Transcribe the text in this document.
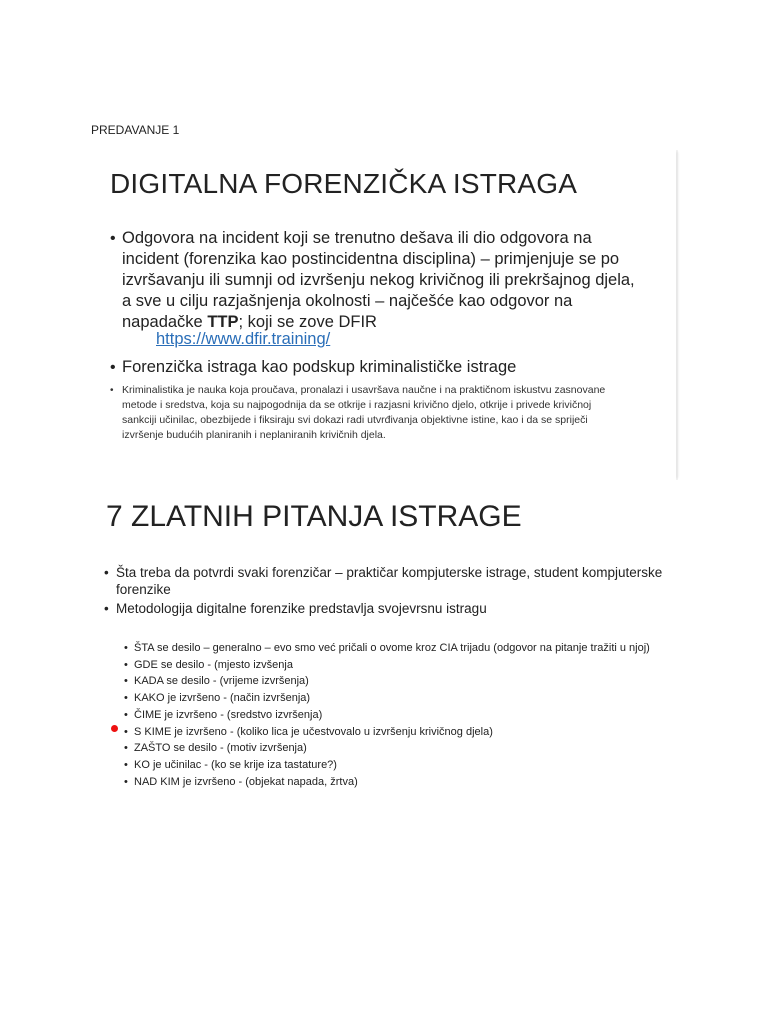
PREDAVANJE 1
DIGITALNA FORENZIČKA ISTRAGA
• Odgovora na incident koji se trenutno dešava ili dio odgovora na
incident (forenzika kao postincidentna disciplina) – primjenjuje se po
izvršavanju ili sumnji od izvršenju nekog krivičnog ili prekršajnog djela,
a sve u cilju razjašnjenja okolnosti – najčešće kao odgovor na
napadačke TTP; koji se zove DFIR
https://www.dfir.training/
• Forenzička istraga kao podskup kriminalističke istrage
• Kriminalistika je nauka koja proučava, pronalazi i usavršava naučne i na praktičnom iskustvu zasnovane
metode i sredstva, koja su najpogodnija da se otkrije i razjasni krivično djelo, otkrije i privede krivičnoj
sankciji učinilac, obezbijede i fiksiraju svi dokazi radi utvrđivanja objektivne istine, kao i da se spriječi
izvršenje budućih planiranih i neplaniranih krivičnih djela.
7 ZLATNIH PITANJA ISTRAGE
• Šta treba da potvrdi svaki forenzičar – praktičar kompjuterske istrage, student kompjuterske
forenzike
• Metodologija digitalne forenzike predstavlja svojevrsnu istragu
• ŠTA se desilo – generalno – evo smo već pričali o ovome kroz CIA trijadu (odgovor na pitanje tražiti u njoj)
• GDE se desilo - (mjesto izvšenja
• KADA se desilo - (vrijeme izvršenja)
• KAKO je izvršeno - (način izvršenja)
• ČIME je izvršeno - (sredstvo izvršenja)
• S KIME je izvršeno - (koliko lica je učestvovalo u izvršenju krivičnog djela)
• ZAŠTO se desilo - (motiv izvršenja)
• KO je učinilac - (ko se krije iza tastature?)
• NAD KIM je izvršeno - (objekat napada, žrtva)
